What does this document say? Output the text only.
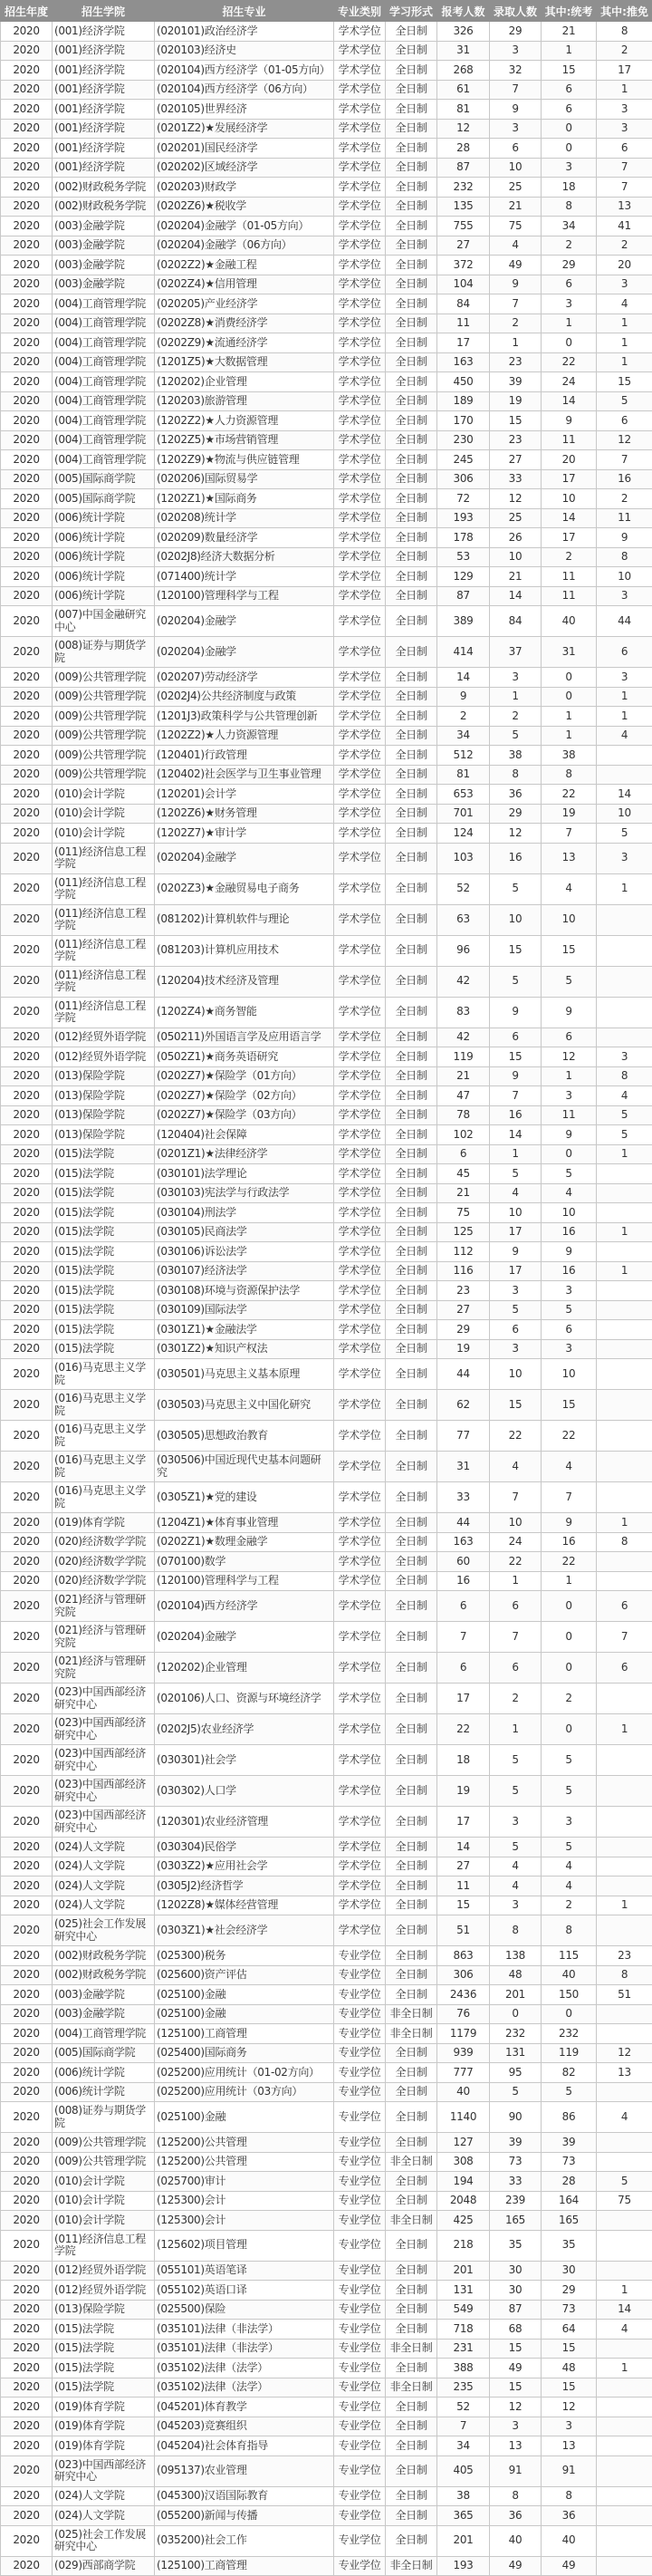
招生年度	招生学院	招生专业	专业类别	学习形式	报考人数	录取人数	其中:统考	其中:推免
2020	(001)经济学院	(020101)政治经济学	学术学位	全日制	326	29	21	8
2020	(001)经济学院	(020103)经济史	学术学位	全日制	31	3	1	2
2020	(001)经济学院	(020104)西方经济学（01-05方向）	学术学位	全日制	268	32	15	17
2020	(001)经济学院	(020104)西方经济学（06方向）	学术学位	全日制	61	7	6	1
2020	(001)经济学院	(020105)世界经济	学术学位	全日制	81	9	6	3
2020	(001)经济学院	(0201Z2)★发展经济学	学术学位	全日制	12	3	0	3
2020	(001)经济学院	(020201)国民经济学	学术学位	全日制	28	6	0	6
2020	(001)经济学院	(020202)区域经济学	学术学位	全日制	87	10	3	7
2020	(002)财政税务学院	(020203)财政学	学术学位	全日制	232	25	18	7
2020	(002)财政税务学院	(0202Z6)★税收学	学术学位	全日制	135	21	8	13
2020	(003)金融学院	(020204)金融学（01-05方向）	学术学位	全日制	755	75	34	41
2020	(003)金融学院	(020204)金融学（06方向）	学术学位	全日制	27	4	2	2
2020	(003)金融学院	(0202Z2)★金融工程	学术学位	全日制	372	49	29	20
2020	(003)金融学院	(0202Z4)★信用管理	学术学位	全日制	104	9	6	3
2020	(004)工商管理学院	(020205)产业经济学	学术学位	全日制	84	7	3	4
2020	(004)工商管理学院	(0202Z8)★消费经济学	学术学位	全日制	11	2	1	1
2020	(004)工商管理学院	(0202Z9)★流通经济学	学术学位	全日制	17	1	0	1
2020	(004)工商管理学院	(1201Z5)★大数据管理	学术学位	全日制	163	23	22	1
2020	(004)工商管理学院	(120202)企业管理	学术学位	全日制	450	39	24	15
2020	(004)工商管理学院	(120203)旅游管理	学术学位	全日制	189	19	14	5
2020	(004)工商管理学院	(1202Z2)★人力资源管理	学术学位	全日制	170	15	9	6
2020	(004)工商管理学院	(1202Z5)★市场营销管理	学术学位	全日制	230	23	11	12
2020	(004)工商管理学院	(1202Z9)★物流与供应链管理	学术学位	全日制	245	27	20	7
2020	(005)国际商学院	(020206)国际贸易学	学术学位	全日制	306	33	17	16
2020	(005)国际商学院	(1202Z1)★国际商务	学术学位	全日制	72	12	10	2
2020	(006)统计学院	(020208)统计学	学术学位	全日制	193	25	14	11
2020	(006)统计学院	(020209)数量经济学	学术学位	全日制	178	26	17	9
2020	(006)统计学院	(0202J8)经济大数据分析	学术学位	全日制	53	10	2	8
2020	(006)统计学院	(071400)统计学	学术学位	全日制	129	21	11	10
2020	(006)统计学院	(120100)管理科学与工程	学术学位	全日制	87	14	11	3
2020	(007)中国金融研究中心	(020204)金融学	学术学位	全日制	389	84	40	44
2020	(008)证券与期货学院	(020204)金融学	学术学位	全日制	414	37	31	6
2020	(009)公共管理学院	(020207)劳动经济学	学术学位	全日制	14	3	0	3
2020	(009)公共管理学院	(0202J4)公共经济制度与政策	学术学位	全日制	9	1	0	1
2020	(009)公共管理学院	(1201J3)政策科学与公共管理创新	学术学位	全日制	2	2	1	1
2020	(009)公共管理学院	(1202Z2)★人力资源管理	学术学位	全日制	34	5	1	4
2020	(009)公共管理学院	(120401)行政管理	学术学位	全日制	512	38	38	
2020	(009)公共管理学院	(120402)社会医学与卫生事业管理	学术学位	全日制	81	8	8	
2020	(010)会计学院	(120201)会计学	学术学位	全日制	653	36	22	14
2020	(010)会计学院	(1202Z6)★财务管理	学术学位	全日制	701	29	19	10
2020	(010)会计学院	(1202Z7)★审计学	学术学位	全日制	124	12	7	5
2020	(011)经济信息工程学院	(020204)金融学	学术学位	全日制	103	16	13	3
2020	(011)经济信息工程学院	(0202Z3)★金融贸易电子商务	学术学位	全日制	52	5	4	1
2020	(011)经济信息工程学院	(081202)计算机软件与理论	学术学位	全日制	63	10	10	
2020	(011)经济信息工程学院	(081203)计算机应用技术	学术学位	全日制	96	15	15	
2020	(011)经济信息工程学院	(120204)技术经济及管理	学术学位	全日制	42	5	5	
2020	(011)经济信息工程学院	(1202Z4)★商务智能	学术学位	全日制	83	9	9	
2020	(012)经贸外语学院	(050211)外国语言学及应用语言学	学术学位	全日制	42	6	6	
2020	(012)经贸外语学院	(0502Z1)★商务英语研究	学术学位	全日制	119	15	12	3
2020	(013)保险学院	(0202Z7)★保险学（01方向）	学术学位	全日制	21	9	1	8
2020	(013)保险学院	(0202Z7)★保险学（02方向）	学术学位	全日制	47	7	3	4
2020	(013)保险学院	(0202Z7)★保险学（03方向）	学术学位	全日制	78	16	11	5
2020	(013)保险学院	(120404)社会保障	学术学位	全日制	102	14	9	5
2020	(015)法学院	(0201Z1)★法律经济学	学术学位	全日制	6	1	0	1
2020	(015)法学院	(030101)法学理论	学术学位	全日制	45	5	5	
2020	(015)法学院	(030103)宪法学与行政法学	学术学位	全日制	21	4	4	
2020	(015)法学院	(030104)刑法学	学术学位	全日制	75	10	10	
2020	(015)法学院	(030105)民商法学	学术学位	全日制	125	17	16	1
2020	(015)法学院	(030106)诉讼法学	学术学位	全日制	112	9	9	
2020	(015)法学院	(030107)经济法学	学术学位	全日制	116	17	16	1
2020	(015)法学院	(030108)环境与资源保护法学	学术学位	全日制	23	3	3	
2020	(015)法学院	(030109)国际法学	学术学位	全日制	27	5	5	
2020	(015)法学院	(0301Z1)★金融法学	学术学位	全日制	29	6	6	
2020	(015)法学院	(0301Z2)★知识产权法	学术学位	全日制	19	3	3	
2020	(016)马克思主义学院	(030501)马克思主义基本原理	学术学位	全日制	44	10	10	
2020	(016)马克思主义学院	(030503)马克思主义中国化研究	学术学位	全日制	62	15	15	
2020	(016)马克思主义学院	(030505)思想政治教育	学术学位	全日制	77	22	22	
2020	(016)马克思主义学院	(030506)中国近现代史基本问题研究	学术学位	全日制	31	4	4	
2020	(016)马克思主义学院	(0305Z1)★党的建设	学术学位	全日制	33	7	7	
2020	(019)体育学院	(1204Z1)★体育事业管理	学术学位	全日制	44	10	9	1
2020	(020)经济数学学院	(0202Z1)★数理金融学	学术学位	全日制	163	24	16	8
2020	(020)经济数学学院	(070100)数学	学术学位	全日制	60	22	22	
2020	(020)经济数学学院	(120100)管理科学与工程	学术学位	全日制	16	1	1	
2020	(021)经济与管理研究院	(020104)西方经济学	学术学位	全日制	6	6	0	6
2020	(021)经济与管理研究院	(020204)金融学	学术学位	全日制	7	7	0	7
2020	(021)经济与管理研究院	(120202)企业管理	学术学位	全日制	6	6	0	6
2020	(023)中国西部经济研究中心	(020106)人口、资源与环境经济学	学术学位	全日制	17	2	2	
2020	(023)中国西部经济研究中心	(0202J5)农业经济学	学术学位	全日制	22	1	0	1
2020	(023)中国西部经济研究中心	(030301)社会学	学术学位	全日制	18	5	5	
2020	(023)中国西部经济研究中心	(030302)人口学	学术学位	全日制	19	5	5	
2020	(023)中国西部经济研究中心	(120301)农业经济管理	学术学位	全日制	17	3	3	
2020	(024)人文学院	(030304)民俗学	学术学位	全日制	14	5	5	
2020	(024)人文学院	(0303Z2)★应用社会学	学术学位	全日制	27	4	4	
2020	(024)人文学院	(0305J2)经济哲学	学术学位	全日制	11	4	4	
2020	(024)人文学院	(1202Z8)★媒体经营管理	学术学位	全日制	15	3	2	1
2020	(025)社会工作发展研究中心	(0303Z1)★社会经济学	学术学位	全日制	51	8	8	
2020	(002)财政税务学院	(025300)税务	专业学位	全日制	863	138	115	23
2020	(002)财政税务学院	(025600)资产评估	专业学位	全日制	306	48	40	8
2020	(003)金融学院	(025100)金融	专业学位	全日制	2436	201	150	51
2020	(003)金融学院	(025100)金融	专业学位	非全日制	76	0	0	
2020	(004)工商管理学院	(125100)工商管理	专业学位	非全日制	1179	232	232	
2020	(005)国际商学院	(025400)国际商务	专业学位	全日制	939	131	119	12
2020	(006)统计学院	(025200)应用统计（01-02方向）	专业学位	全日制	777	95	82	13
2020	(006)统计学院	(025200)应用统计（03方向）	专业学位	全日制	40	5	5	
2020	(008)证券与期货学院	(025100)金融	专业学位	全日制	1140	90	86	4
2020	(009)公共管理学院	(125200)公共管理	专业学位	全日制	127	39	39	
2020	(009)公共管理学院	(125200)公共管理	专业学位	非全日制	308	73	73	
2020	(010)会计学院	(025700)审计	专业学位	全日制	194	33	28	5
2020	(010)会计学院	(125300)会计	专业学位	全日制	2048	239	164	75
2020	(010)会计学院	(125300)会计	专业学位	非全日制	425	165	165	
2020	(011)经济信息工程学院	(125602)项目管理	专业学位	全日制	218	35	35	
2020	(012)经贸外语学院	(055101)英语笔译	专业学位	全日制	201	30	30	
2020	(012)经贸外语学院	(055102)英语口译	专业学位	全日制	131	30	29	1
2020	(013)保险学院	(025500)保险	专业学位	全日制	549	87	73	14
2020	(015)法学院	(035101)法律（非法学）	专业学位	全日制	718	68	64	4
2020	(015)法学院	(035101)法律（非法学）	专业学位	非全日制	231	15	15	
2020	(015)法学院	(035102)法律（法学）	专业学位	全日制	388	49	48	1
2020	(015)法学院	(035102)法律（法学）	专业学位	非全日制	235	15	15	
2020	(019)体育学院	(045201)体育教学	专业学位	全日制	52	12	12	
2020	(019)体育学院	(045203)竞赛组织	专业学位	全日制	7	3	3	
2020	(019)体育学院	(045204)社会体育指导	专业学位	全日制	34	13	13	
2020	(023)中国西部经济研究中心	(095137)农业管理	专业学位	全日制	405	91	91	
2020	(024)人文学院	(045300)汉语国际教育	专业学位	全日制	38	8	8	
2020	(024)人文学院	(055200)新闻与传播	专业学位	全日制	365	36	36	
2020	(025)社会工作发展研究中心	(035200)社会工作	专业学位	全日制	201	40	40	
2020	(029)西部商学院	(125100)工商管理	专业学位	非全日制	193	49	49	
